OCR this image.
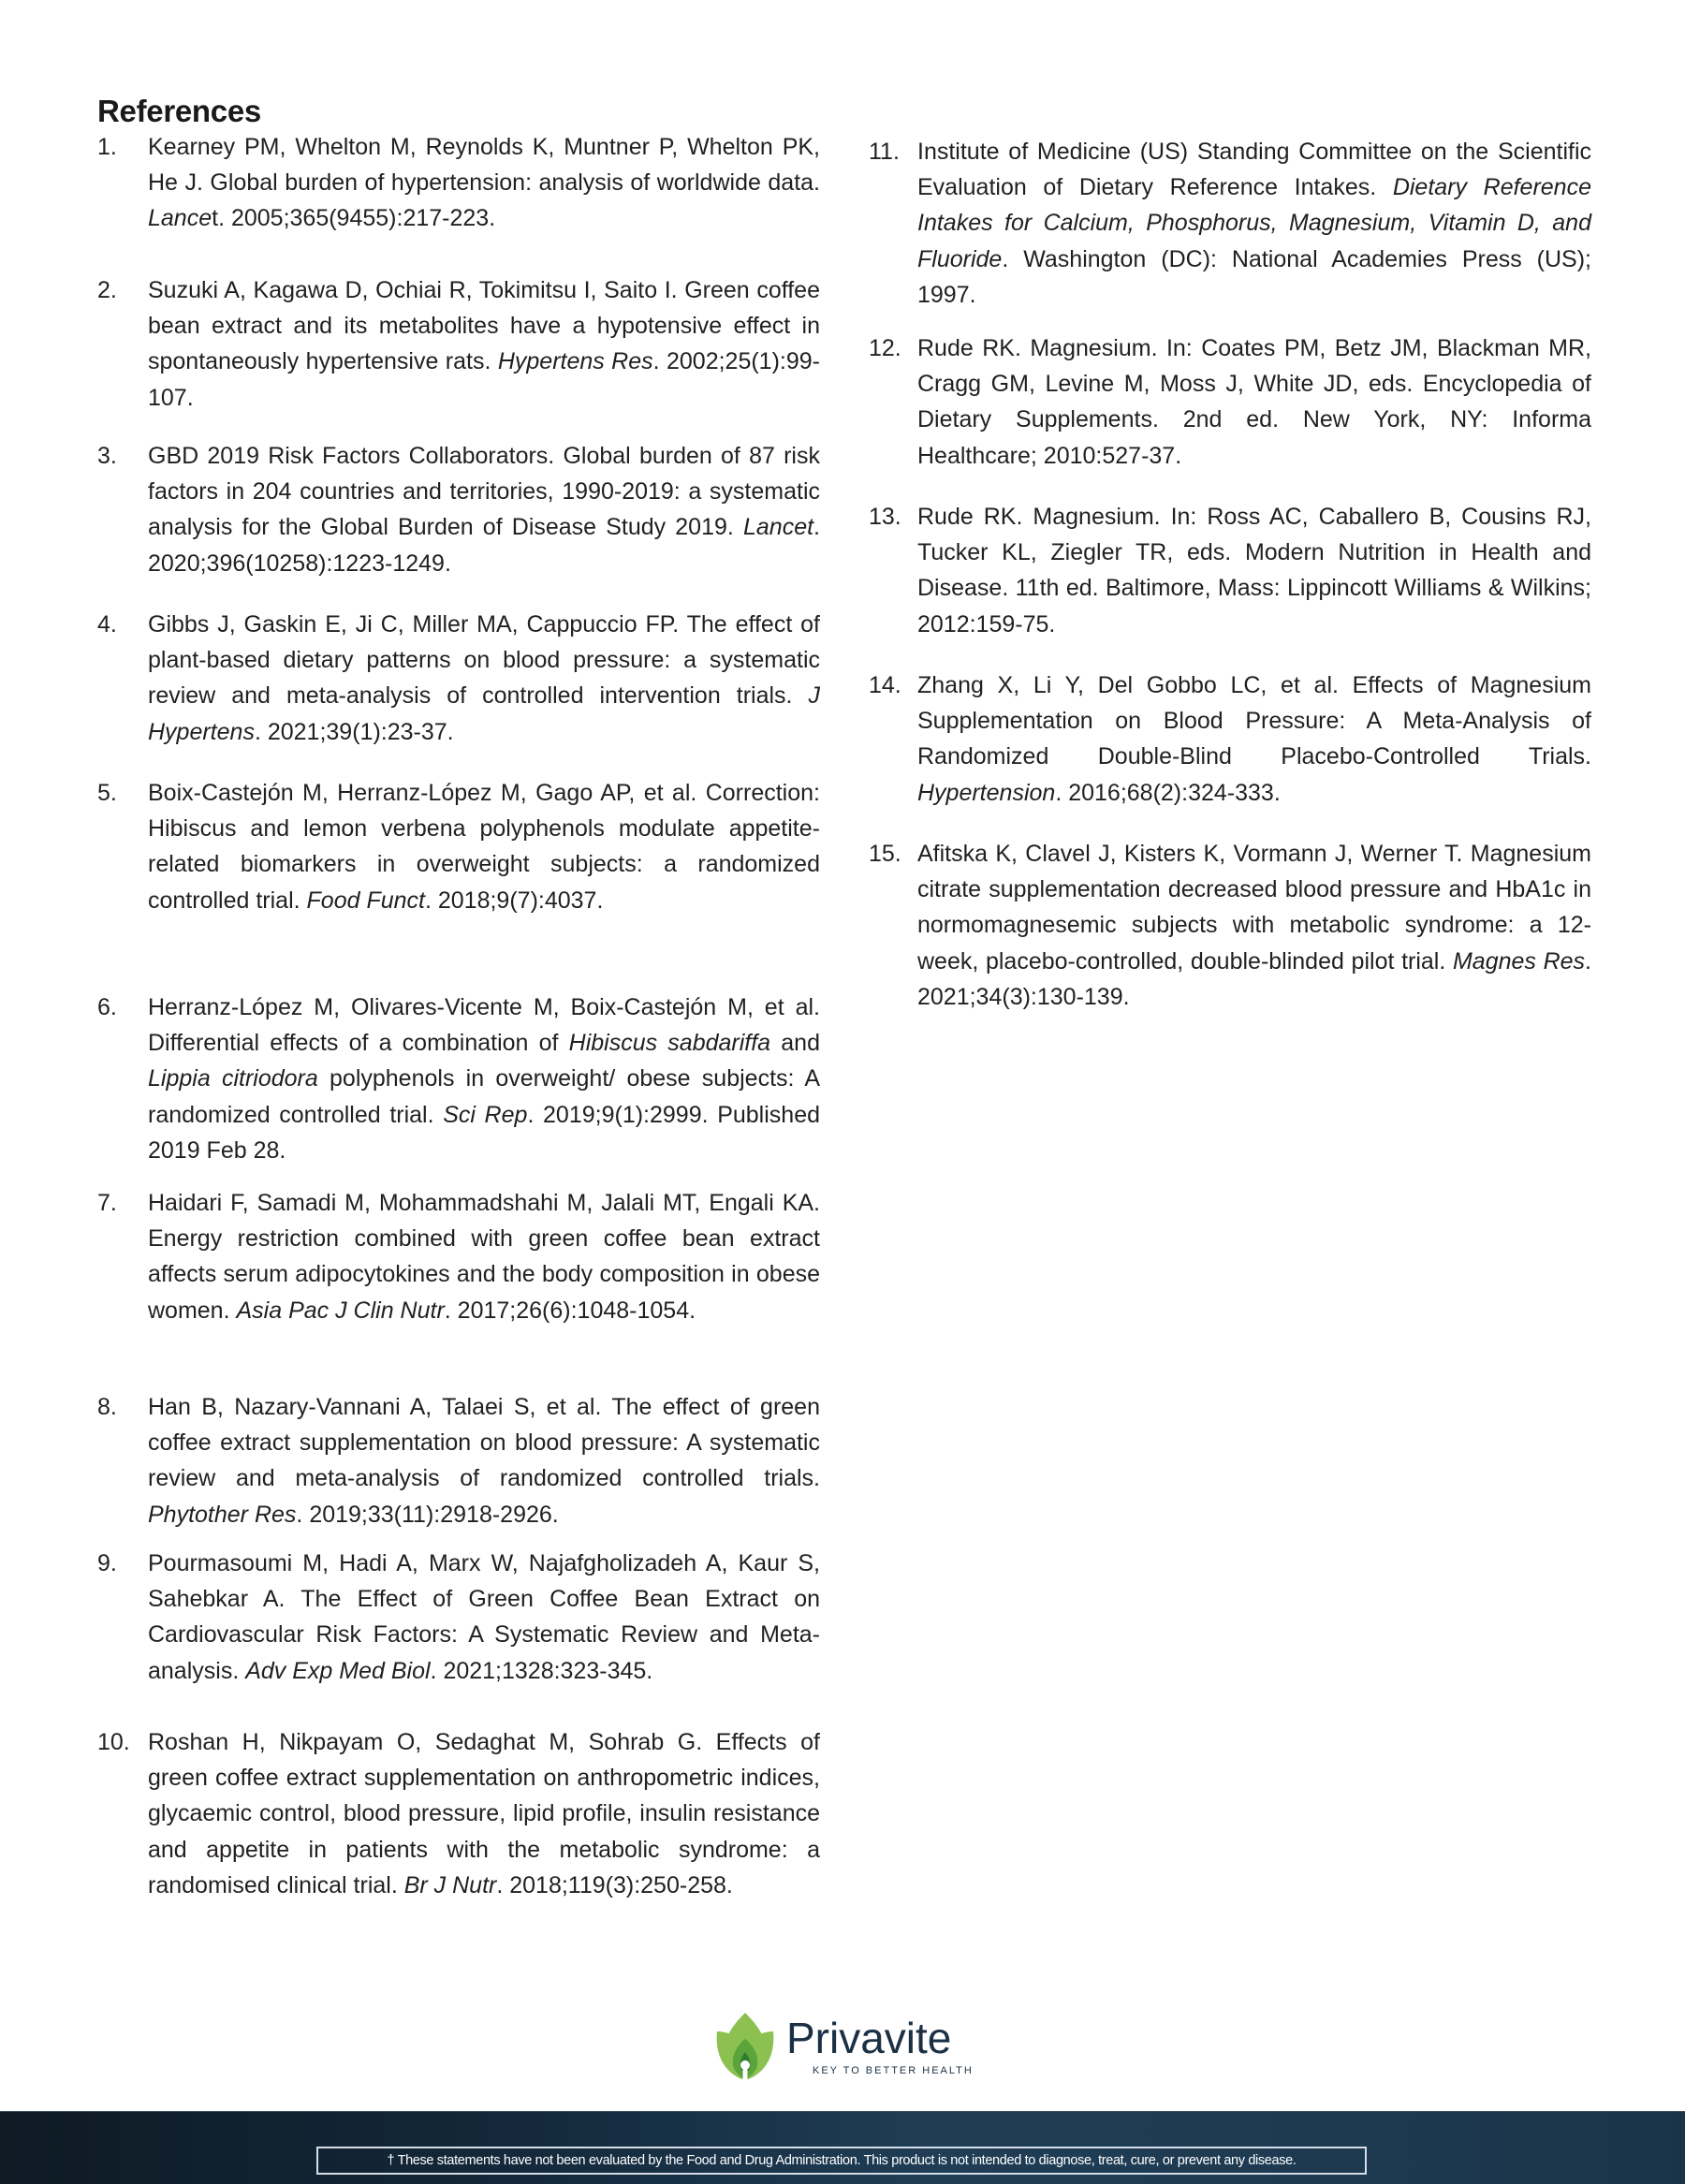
References
1. Kearney PM, Whelton M, Reynolds K, Muntner P, Whelton PK, He J. Global burden of hypertension: analysis of worldwide data. Lancet. 2005;365(9455):217-223.
2. Suzuki A, Kagawa D, Ochiai R, Tokimitsu I, Saito I. Green coffee bean extract and its metabolites have a hypotensive effect in spontaneously hypertensive rats. Hypertens Res. 2002;25(1):99-107.
3. GBD 2019 Risk Factors Collaborators. Global burden of 87 risk factors in 204 countries and territories, 1990-2019: a systematic analysis for the Global Burden of Disease Study 2019. Lancet. 2020;396(10258):1223-1249.
4. Gibbs J, Gaskin E, Ji C, Miller MA, Cappuccio FP. The effect of plant-based dietary patterns on blood pressure: a systematic review and meta-analysis of controlled intervention trials. J Hypertens. 2021;39(1):23-37.
5. Boix-Castejón M, Herranz-López M, Gago AP, et al. Correction: Hibiscus and lemon verbena polyphenols modulate appetite-related biomarkers in overweight subjects: a randomized controlled trial. Food Funct. 2018;9(7):4037.
6. Herranz-López M, Olivares-Vicente M, Boix-Castejón M, et al. Differential effects of a combination of Hibiscus sabdariffa and Lippia citriodora polyphenols in overweight/ obese subjects: A randomized controlled trial. Sci Rep. 2019;9(1):2999. Published 2019 Feb 28.
7. Haidari F, Samadi M, Mohammadshahi M, Jalali MT, Engali KA. Energy restriction combined with green coffee bean extract affects serum adipocytokines and the body composition in obese women. Asia Pac J Clin Nutr. 2017;26(6):1048-1054.
8. Han B, Nazary-Vannani A, Talaei S, et al. The effect of green coffee extract supplementation on blood pressure: A systematic review and meta-analysis of randomized controlled trials. Phytother Res. 2019;33(11):2918-2926.
9. Pourmasoumi M, Hadi A, Marx W, Najafgholizadeh A, Kaur S, Sahebkar A. The Effect of Green Coffee Bean Extract on Cardiovascular Risk Factors: A Systematic Review and Meta-analysis. Adv Exp Med Biol. 2021;1328:323-345.
10. Roshan H, Nikpayam O, Sedaghat M, Sohrab G. Effects of green coffee extract supplementation on anthropometric indices, glycaemic control, blood pressure, lipid profile, insulin resistance and appetite in patients with the metabolic syndrome: a randomised clinical trial. Br J Nutr. 2018;119(3):250-258.
11. Institute of Medicine (US) Standing Committee on the Scientific Evaluation of Dietary Reference Intakes. Dietary Reference Intakes for Calcium, Phosphorus, Magnesium, Vitamin D, and Fluoride. Washington (DC): National Academies Press (US); 1997.
12. Rude RK. Magnesium. In: Coates PM, Betz JM, Blackman MR, Cragg GM, Levine M, Moss J, White JD, eds. Encyclopedia of Dietary Supplements. 2nd ed. New York, NY: Informa Healthcare; 2010:527-37.
13. Rude RK. Magnesium. In: Ross AC, Caballero B, Cousins RJ, Tucker KL, Ziegler TR, eds. Modern Nutrition in Health and Disease. 11th ed. Baltimore, Mass: Lippincott Williams & Wilkins; 2012:159-75.
14. Zhang X, Li Y, Del Gobbo LC, et al. Effects of Magnesium Supplementation on Blood Pressure: A Meta-Analysis of Randomized Double-Blind Placebo-Controlled Trials. Hypertension. 2016;68(2):324-333.
15. Afitska K, Clavel J, Kisters K, Vormann J, Werner T. Magnesium citrate supplementation decreased blood pressure and HbA1c in normomagnesemic subjects with metabolic syndrome: a 12-week, placebo-controlled, double-blinded pilot trial. Magnes Res. 2021;34(3):130-139.
Privavite
KEY TO BETTER HEALTH
† These statements have not been evaluated by the Food and Drug Administration. This product is not intended to diagnose, treat, cure, or prevent any disease.
